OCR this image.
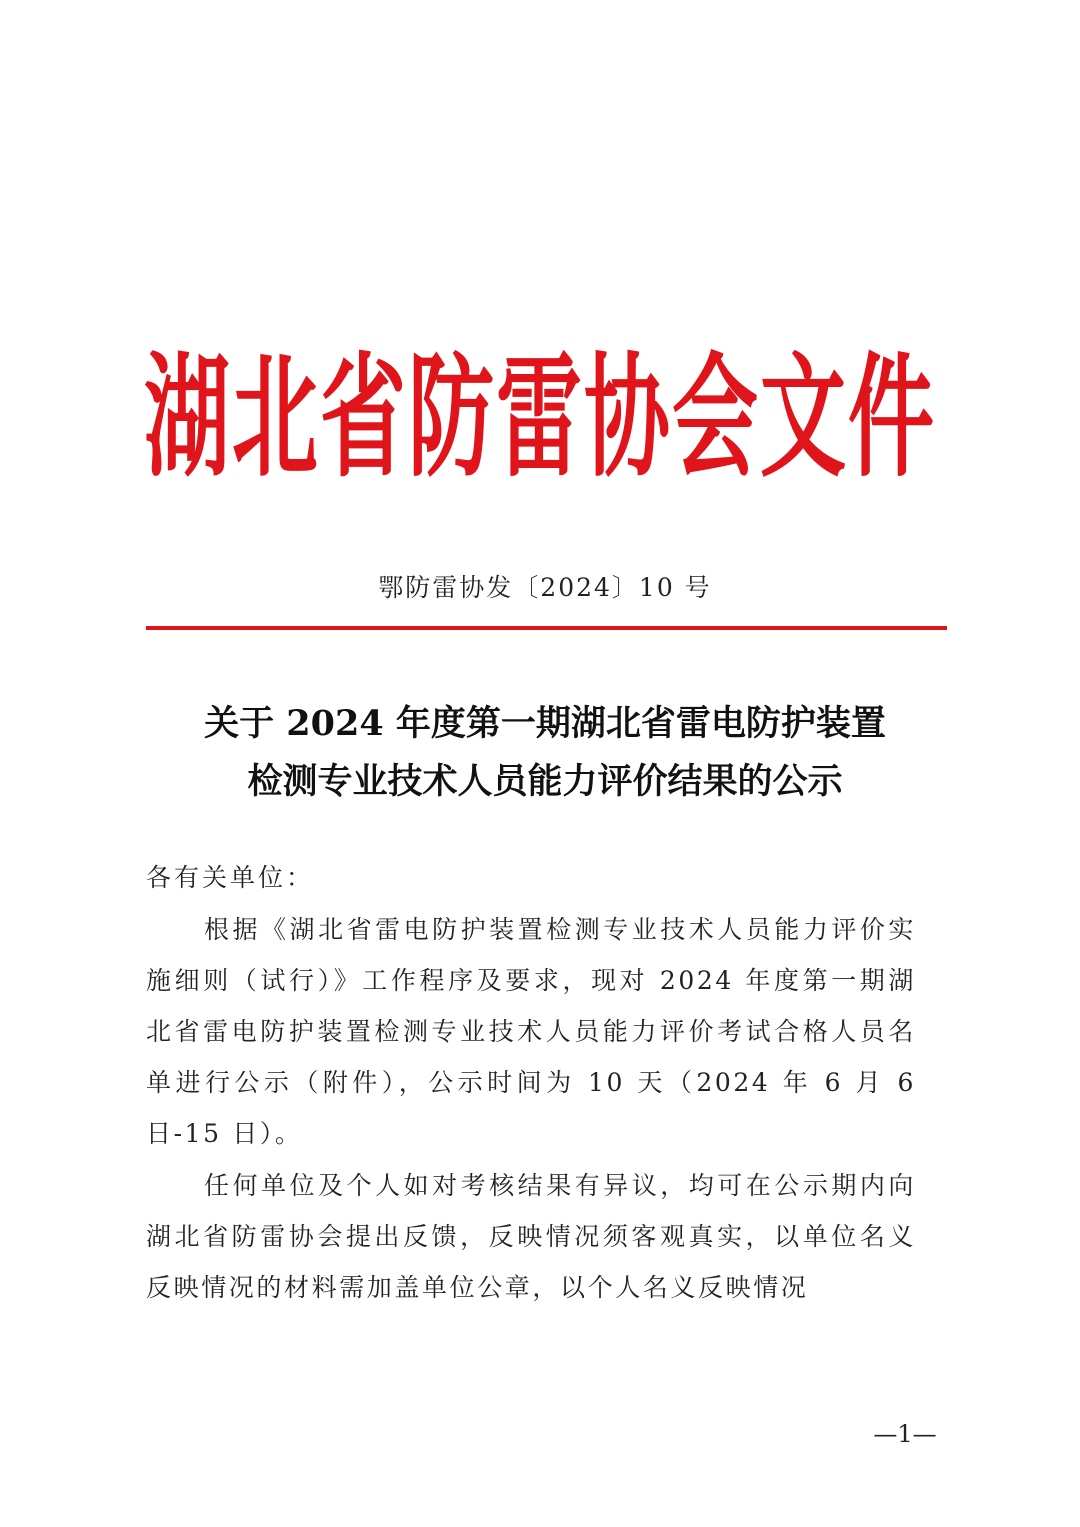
湖北省防雷协会文件
鄂防雷协发〔2024〕10 号
关于 2024 年度第一期湖北省雷电防护装置
检测专业技术人员能力评价结果的公示
各有关单位：

根据《湖北省雷电防护装置检测专业技术人员能力评价实施细则（试行）》工作程序及要求，现对 2024 年度第一期湖北省雷电防护装置检测专业技术人员能力评价考试合格人员名单进行公示（附件），公示时间为 10 天（2024 年 6 月 6 日-15 日）。

任何单位及个人如对考核结果有异议，均可在公示期内向湖北省防雷协会提出反馈，反映情况须客观真实，以单位名义反映情况的材料需加盖单位公章，以个人名义反映情况

—1—
